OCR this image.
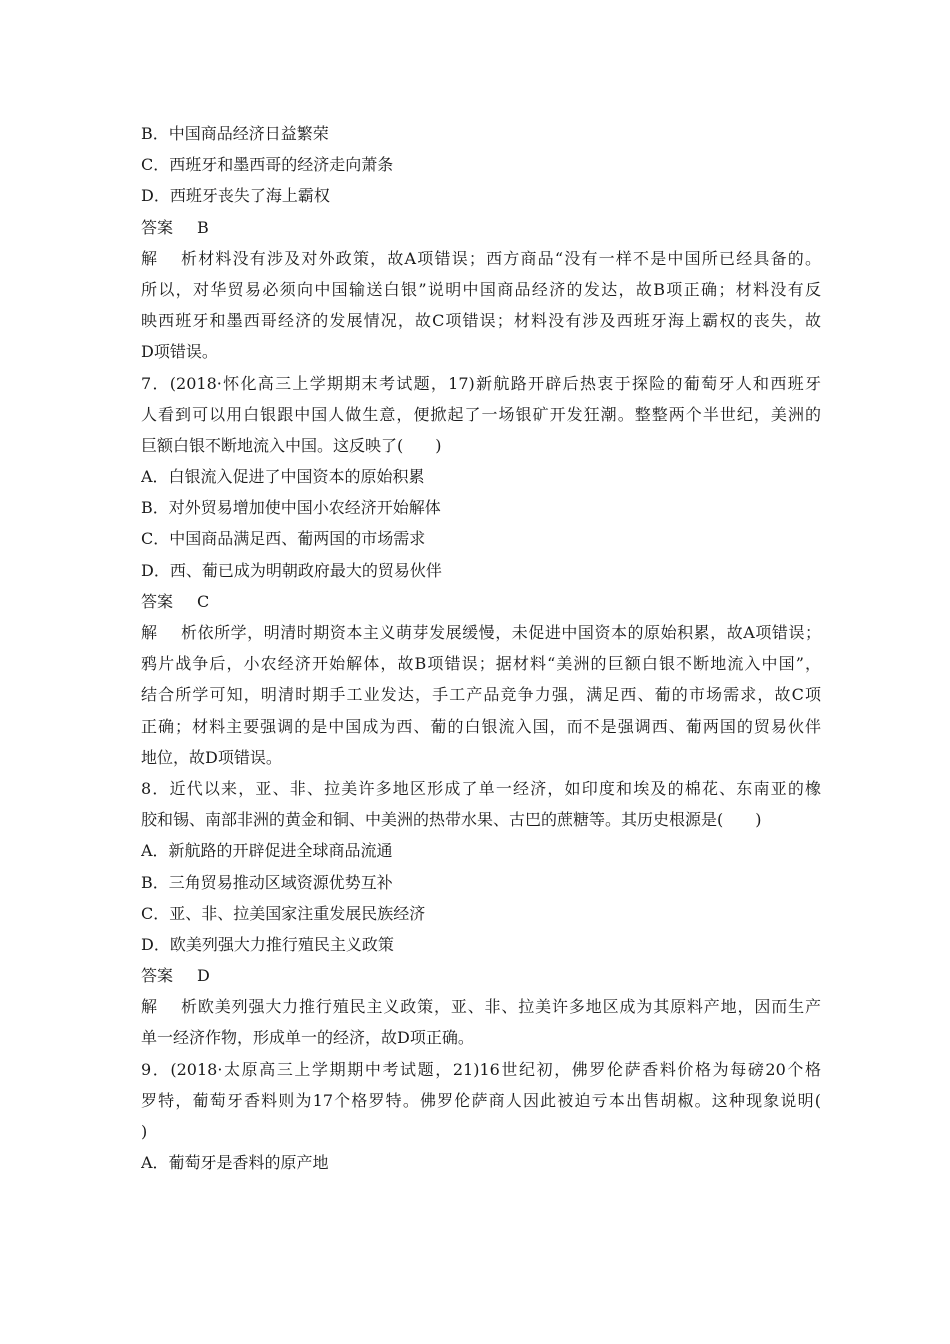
B．中国商品经济日益繁荣
C．西班牙和墨西哥的经济走向萧条
D．西班牙丧失了海上霸权
答案 B
解析材料没有涉及对外政策，故A项错误；西方商品“没有一样不是中国所已经具备的。
所以，对华贸易必须向中国输送白银”说明中国商品经济的发达，故B项正确；材料没有反
映西班牙和墨西哥经济的发展情况，故C项错误；材料没有涉及西班牙海上霸权的丧失，故
D项错误。
7．(2018·怀化高三上学期期末考试题，17)新航路开辟后热衷于探险的葡萄牙人和西班牙
人看到可以用白银跟中国人做生意，便掀起了一场银矿开发狂潮。整整两个半世纪，美洲的
巨额白银不断地流入中国。这反映了(　　)
A．白银流入促进了中国资本的原始积累
B．对外贸易增加使中国小农经济开始解体
C．中国商品满足西、葡两国的市场需求
D．西、葡已成为明朝政府最大的贸易伙伴
答案 C
解析依所学，明清时期资本主义萌芽发展缓慢，未促进中国资本的原始积累，故A项错误；
鸦片战争后，小农经济开始解体，故B项错误；据材料“美洲的巨额白银不断地流入中国”，
结合所学可知，明清时期手工业发达，手工产品竞争力强，满足西、葡的市场需求，故C项
正确；材料主要强调的是中国成为西、葡的白银流入国，而不是强调西、葡两国的贸易伙伴
地位，故D项错误。
8．近代以来，亚、非、拉美许多地区形成了单一经济，如印度和埃及的棉花、东南亚的橡
胶和锡、南部非洲的黄金和铜、中美洲的热带水果、古巴的蔗糖等。其历史根源是(　　)
A．新航路的开辟促进全球商品流通
B．三角贸易推动区域资源优势互补
C．亚、非、拉美国家注重发展民族经济
D．欧美列强大力推行殖民主义政策
答案 D
解析欧美列强大力推行殖民主义政策，亚、非、拉美许多地区成为其原料产地，因而生产
单一经济作物，形成单一的经济，故D项正确。
9．(2018·太原高三上学期期中考试题，21)16世纪初，佛罗伦萨香料价格为每磅20个格
罗特，葡萄牙香料则为17个格罗特。佛罗伦萨商人因此被迫亏本出售胡椒。这种现象说明(
)
A．葡萄牙是香料的原产地
